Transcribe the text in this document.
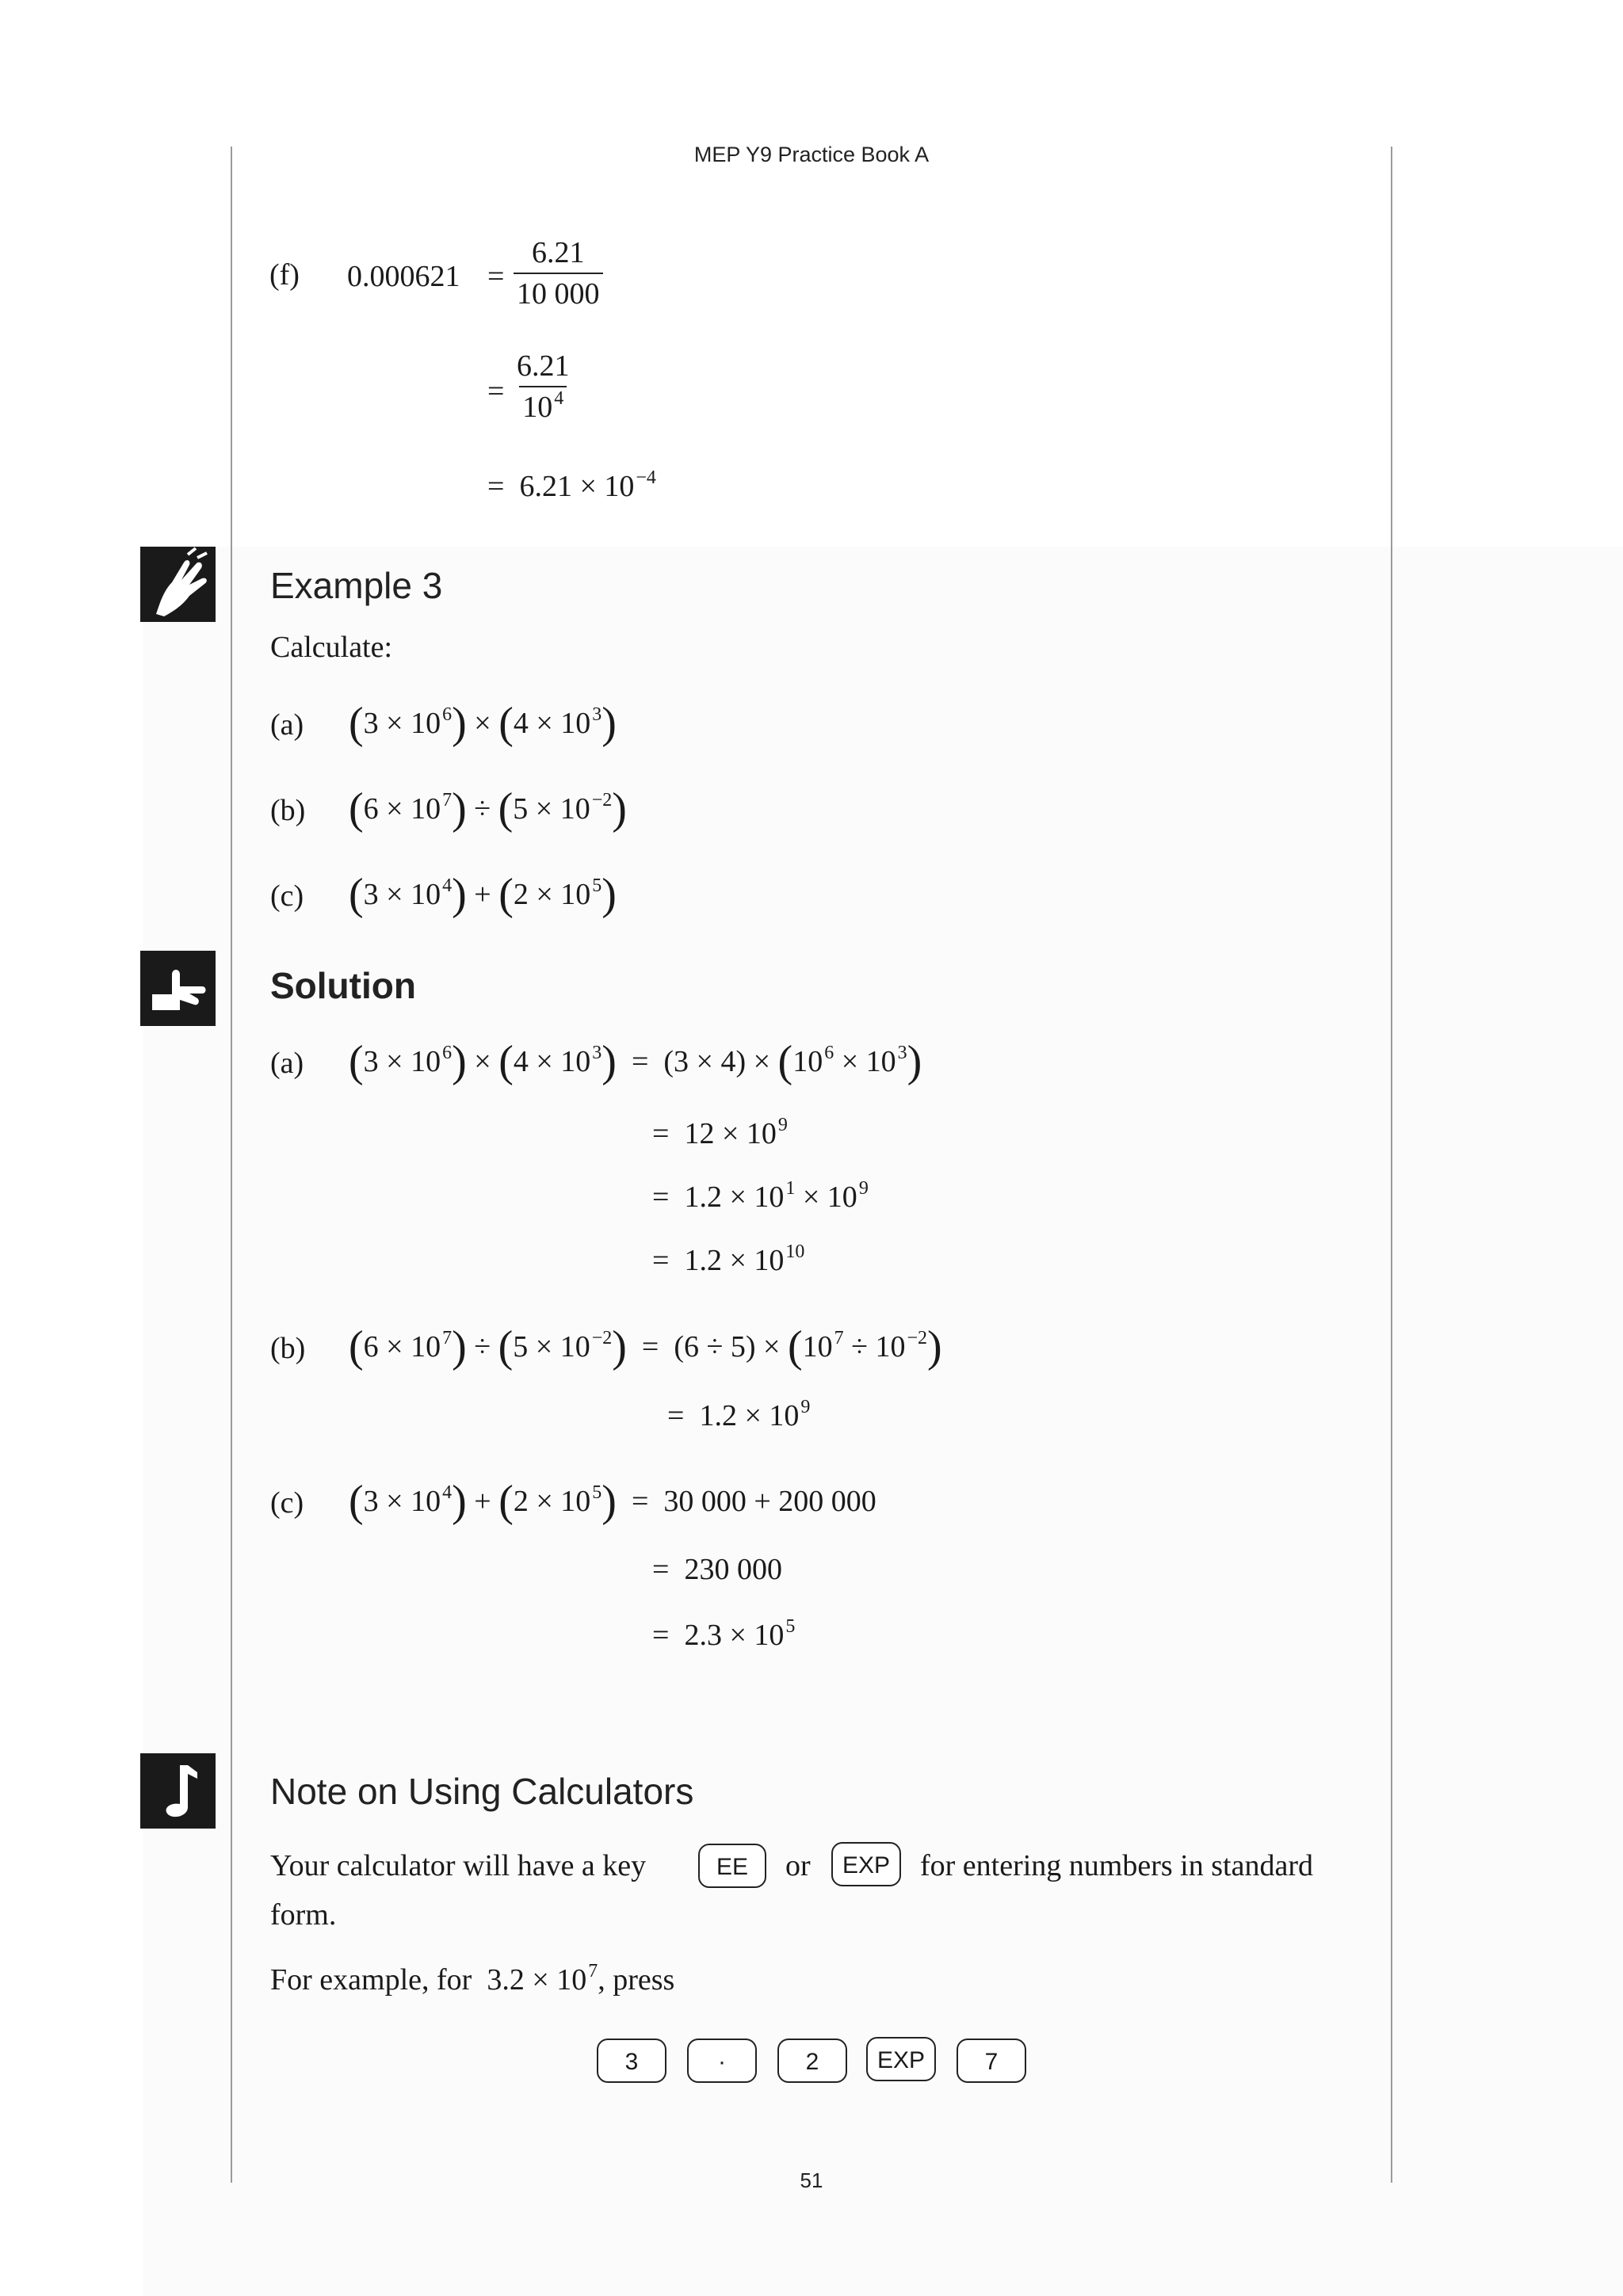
MEP Y9 Practice Book A
(f) $0.000621 = \frac{6.21}{10 000}$
= $\frac{6.21}{10^4}$
= $6.21 \times 10^{-4}$
Example 3
Calculate:
(a) $(3 \times 10^6) \times (4 \times 10^3)$
(b) $(6 \times 10^7) \div (5 \times 10^{-2})$
(c) $(3 \times 10^4) + (2 \times 10^5)$
Solution
(a) $(3 \times 10^6) \times (4 \times 10^3) = (3 \times 4) \times (10^6 \times 10^3)$
=  $12 \times 10^9$
=  $1.2 \times 10^1 \times 10^9$
=  $1.2 \times 10^{10}$
(b) $(6 \times 10^7) \div (5 \times 10^{-2}) = (6 \div 5) \times (10^7 \div 10^{-2})$
=  $1.2 \times 10^9$
(c) $(3 \times 10^4) + (2 \times 10^5) = 30$ 000 + 200 000
=  230 000
=  $2.3 \times 10^5$
Note on Using Calculators
Your calculator will have a key	EE	or	EXP for entering numbers in standard
form.
For example, for $3.2 \times 10^7$, press
3	·	2	EXP	7
51
